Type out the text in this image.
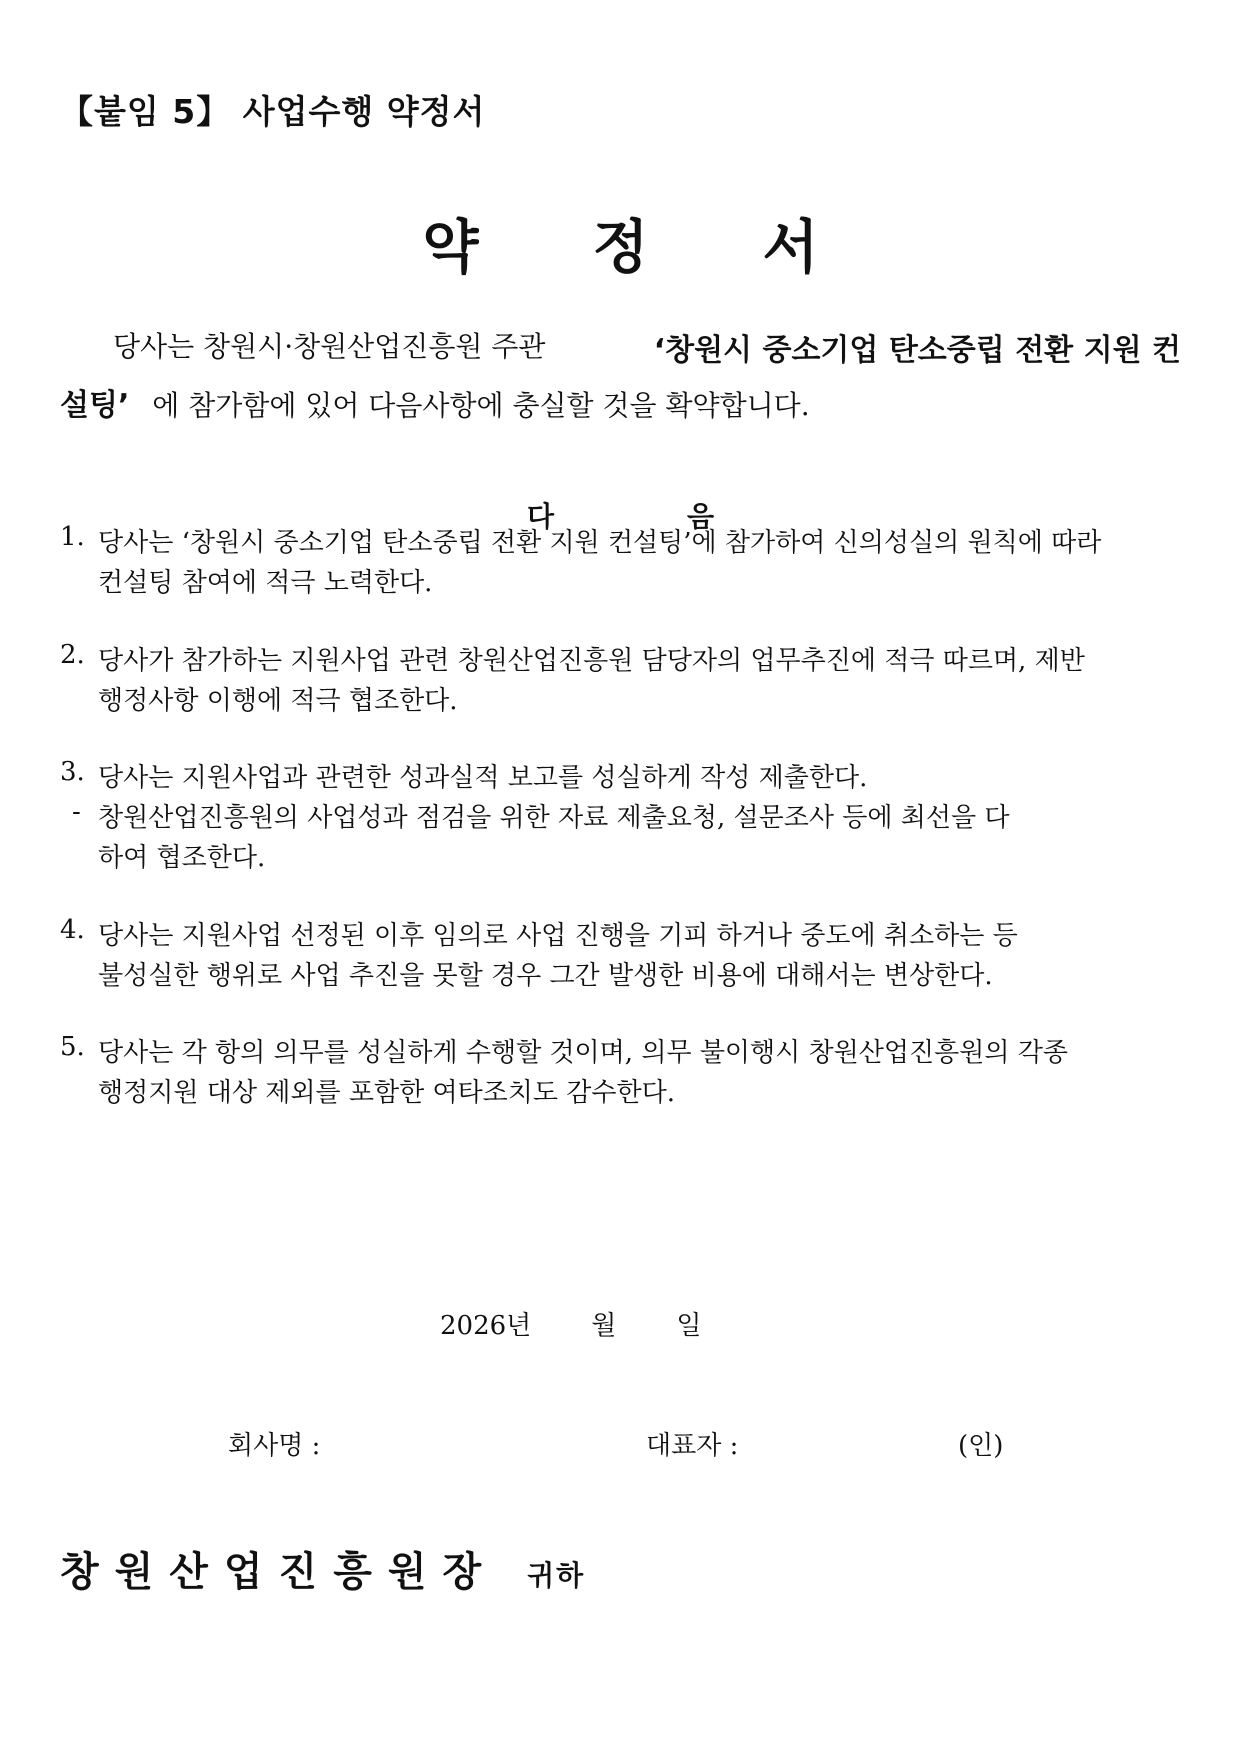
【붙임 5】 사업수행 약정서
약	정	서
당사는 창원시·창원산업진흥원 주관	‘창원시 중소기업 탄소중립 전환 지원 컨
설팅’ 에 참가함에 있어 다음사항에 충실할 것을 확약합니다.
다	음
1. 당사는 ‘창원시 중소기업 탄소중립 전환 지원 컨설팅’에 참가하여 신의성실의 원칙에 따라
컨설팅 참여에 적극 노력한다.
2. 당사가 참가하는 지원사업 관련 창원산업진흥원 담당자의 업무추진에 적극 따르며, 제반
행정사항 이행에 적극 협조한다.
3. 당사는 지원사업과 관련한 성과실적 보고를 성실하게 작성 제출한다.
- 창원산업진흥원의 사업성과 점검을 위한 자료 제출요청, 설문조사 등에 최선을 다
하여 협조한다.
4. 당사는 지원사업 선정된 이후 임의로 사업 진행을 기피 하거나 중도에 취소하는 등
불성실한 행위로 사업 추진을 못할 경우 그간 발생한 비용에 대해서는 변상한다.
5. 당사는 각 항의 의무를 성실하게 수행할 것이며, 의무 불이행시 창원산업진흥원의 각종
행정지원 대상 제외를 포함한 여타조치도 감수한다.
2026년 월 일
회사명 :	대표자 :	(인)
창원산업진흥원장 귀하
